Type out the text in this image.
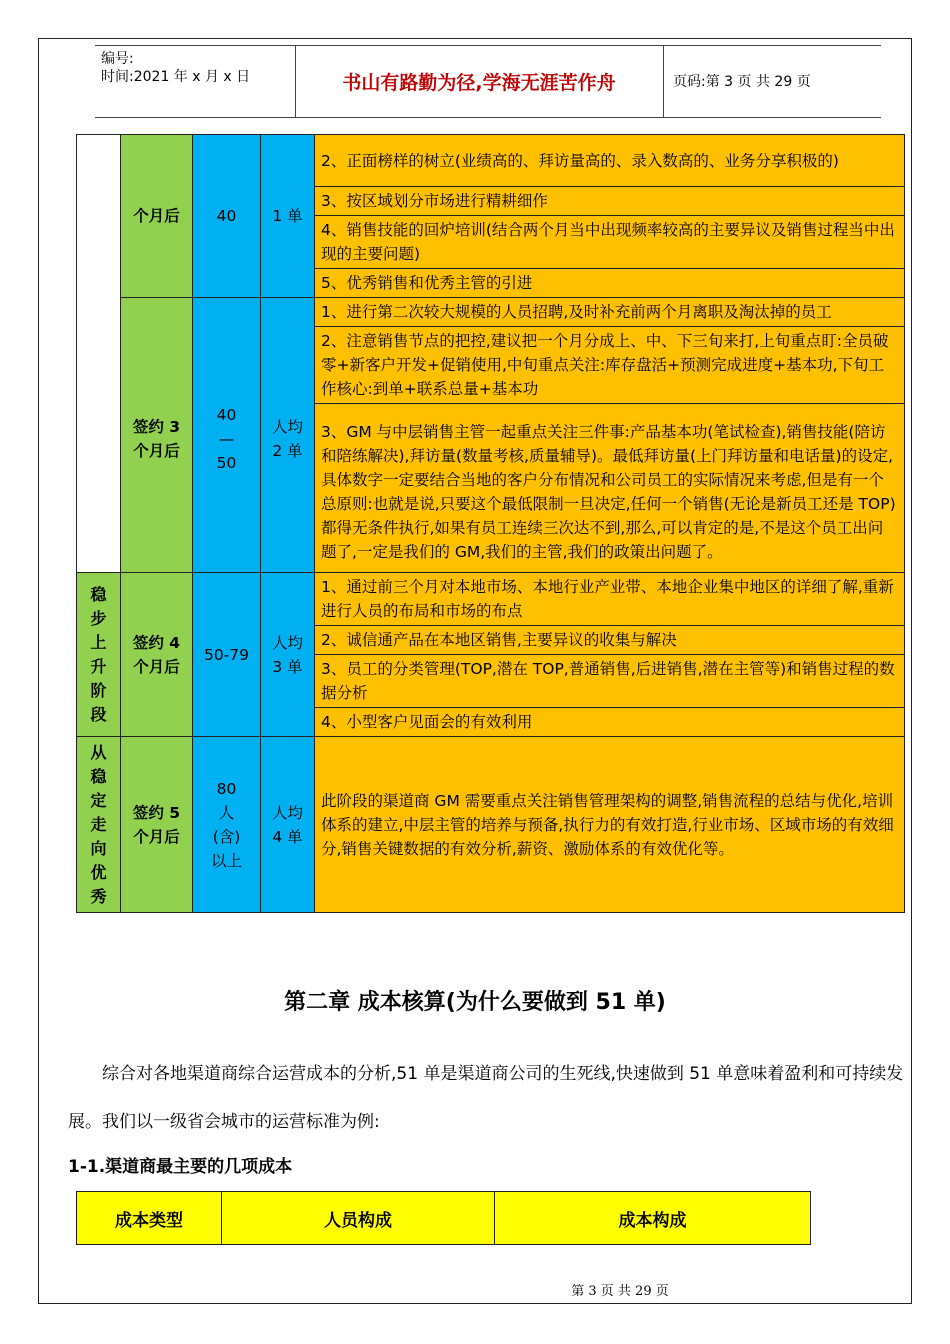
编号:
时间:2021 年 x 月 x 日	书山有路勤为径,学海无涯苦作舟	页码:第 3 页 共 29 页
	个月后	40	1 单	2、正面榜样的树立(业绩高的、拜访量高的、录入数高的、业务分享积极的)
				3、按区域划分市场进行精耕细作
				4、销售技能的回炉培训(结合两个月当中出现频率较高的主要异议及销售过程当中出现的主要问题)
				5、优秀销售和优秀主管的引进

	签约 3 个月后	40—50	人均 2 单	1、进行第二次较大规模的人员招聘,及时补充前两个月离职及淘汰掉的员工
				2、注意销售节点的把控,建议把一个月分成上、中、下三旬来打,上旬重点盯:全员破零+新客户开发+促销使用,中旬重点关注:库存盘活+预测完成进度+基本功,下旬工作核心:到单+联系总量+基本功
				3、GM 与中层销售主管一起重点关注三件事:产品基本功(笔试检查),销售技能(陪访和陪练解决),拜访量(数量考核,质量辅导)。最低拜访量(上门拜访量和电话量)的设定,具体数字一定要结合当地的客户分布情况和公司员工的实际情况来考虑,但是有一个总原则:也就是说,只要这个最低限制一旦决定,任何一个销售(无论是新员工还是 TOP)都得无条件执行,如果有员工连续三次达不到,那么,可以肯定的是,不是这个员工出问题了,一定是我们的 GM,我们的主管,我们的政策出问题了。
稳步上升阶段	签约 4 个月后	50-79	人均 3 单	1、通过前三个月对本地市场、本地行业产业带、本地企业集中地区的详细了解,重新进行人员的布局和市场的布点
				2、诚信通产品在本地区销售,主要异议的收集与解决
				3、员工的分类管理(TOP,潜在 TOP,普通销售,后进销售,潜在主管等)和销售过程的数据分析
				4、小型客户见面会的有效利用

从稳定走向优秀	签约 5 个月后	80 人(含)以上	人均 4 单	此阶段的渠道商 GM 需要重点关注销售管理架构的调整,销售流程的总结与优化,培训体系的建立,中层主管的培养与预备,执行力的有效打造,行业市场、区域市场的有效细分,销售关键数据的有效分析,薪资、激励体系的有效优化等。
第二章 成本核算(为什么要做到 51 单)
综合对各地渠道商综合运营成本的分析,51 单是渠道商公司的生死线,快速做到 51 单意味着盈利和可持续发展。我们以一级省会城市的运营标准为例:
1-1.渠道商最主要的几项成本
成本类型	人员构成	成本构成
第 3 页 共 29 页
